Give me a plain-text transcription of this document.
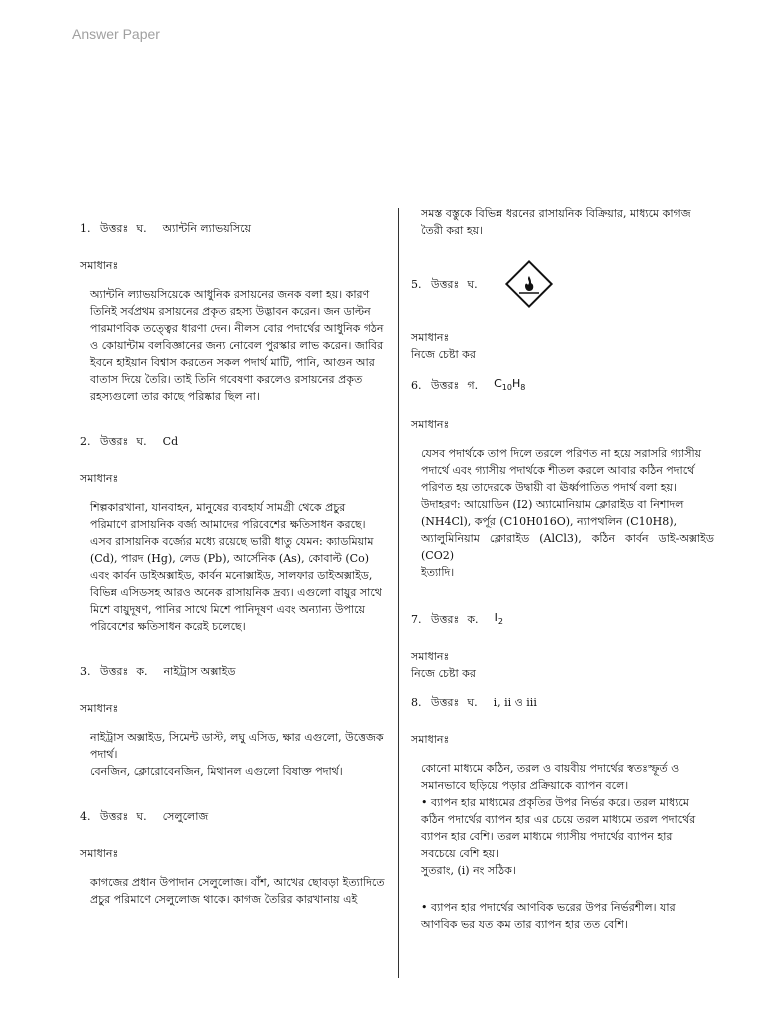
Answer Paper
1. উত্তরঃ ঘ. অ্যান্টনি ল্যাভয়সিয়ে
সমাধানঃ

অ্যান্টনি ল্যাভয়সিয়েকে আধুনিক রসায়নের জনক বলা হয়। কারণ

তিনিই সর্বপ্রথম রসায়নের প্রকৃত রহস্য উদ্ভাবন করেন। জন ডাল্টন

পারমাণবিক তত্ত্বের ধারণা দেন। নীলস বোর পদার্থের আধুনিক গঠন

ও কোয়ান্টাম বলবিজ্ঞানের জন্য নোবেল পুরস্কার লাভ করেন। জাবির

ইবনে হাইয়ান বিশ্বাস করতেন সকল পদার্থ মাটি, পানি, আগুন আর

বাতাস দিয়ে তৈরি। তাই তিনি গবেষণা করলেও রসায়নের প্রকৃত

রহস্যগুলো তার কাছে পরিষ্কার ছিল না।

2. উত্তরঃ ঘ. Cd
সমাধানঃ

শিল্পকারখানা, যানবাহন, মানুষের ব্যবহার্য সামগ্রী থেকে প্রচুর

পরিমাণে রাসায়নিক বর্জ্য আমাদের পরিবেশের ক্ষতিসাধন করছে।

এসব রাসায়নিক বর্জ্যের মধ্যে রয়েছে ভারী ধাতু যেমন: ক্যাডমিয়াম

(Cd), পারদ (Hg), লেড (Pb), আর্সেনিক (As), কোবাল্ট (Co)

এবং কার্বন ডাইঅক্সাইড, কার্বন মনোক্সাইড, সালফার ডাইঅক্সাইড,

বিভিন্ন এসিডসহ আরও অনেক রাসায়নিক দ্রব্য। এগুলো বায়ুর সাথে

মিশে বায়ুদূষণ, পানির সাথে মিশে পানিদূষণ এবং অন্যান্য উপায়ে

পরিবেশের ক্ষতিসাধন করেই চলেছে।

3. উত্তরঃ ক. নাইট্রাস অক্সাইড
সমাধানঃ

নাইট্রাস অক্সাইড, সিমেন্ট ডাস্ট, লঘু এসিড, ক্ষার এগুলো, উত্তেজক

পদার্থ।

বেনজিন, ক্লোরোবেনজিন, মিথানল এগুলো বিষাক্ত পদার্থ।

4. উত্তরঃ ঘ. সেলুলোজ
সমাধানঃ

কাগজের প্রধান উপাদান সেলুলোজ। বাঁশ, আখের ছোবড়া ইত্যাদিতে

প্রচুর পরিমাণে সেলুলোজ থাকে। কাগজ তৈরির কারখানায় এই

সমস্ত বস্তুকে বিভিন্ন ধরনের রাসায়নিক বিক্রিয়ার, মাধ্যমে কাগজ

তৈরী করা হয়।

5. উত্তরঃ ঘ.
সমাধানঃ
নিজে চেষ্টা কর
6. উত্তরঃ গ. $C_{10}H_8$
সমাধানঃ

যেসব পদার্থকে তাপ দিলে তরলে পরিণত না হয়ে সরাসরি গ্যাসীয়

পদার্থে এবং গ্যাসীয় পদার্থকে শীতল করলে আবার কঠিন পদার্থে

পরিণত হয় তাদেরকে উদ্বায়ী বা ঊর্ধ্বপাতিত পদার্থ বলা হয়।

উদাহরণ: আয়োডিন (I2) অ্যামোনিয়াম ক্লোরাইড বা নিশাদল

(NH4Cl), কর্পূর (C10H016O), ন্যাপথলিন (C10H8),

অ্যালুমিনিয়াম ক্লোরাইড (AlCl3), কঠিন কার্বন ডাই-অক্সাইড (CO2)

ইত্যাদি।

7. উত্তরঃ ক. $I_2$
সমাধানঃ
নিজে চেষ্টা কর
8. উত্তরঃ ঘ. i, ii ও iii
সমাধানঃ

কোনো মাধ্যমে কঠিন, তরল ও বায়বীয় পদার্থের স্বতঃস্ফূর্ত ও

সমানভাবে ছড়িয়ে পড়ার প্রক্রিয়াকে ব্যাপন বলে।

• ব্যাপন হার মাধ্যমের প্রকৃতির উপর নির্ভর করে। তরল মাধ্যমে

কঠিন পদার্থের ব্যাপন হার এর চেয়ে তরল মাধ্যমে তরল পদার্থের

ব্যাপন হার বেশি। তরল মাধ্যমে গ্যাসীয় পদার্থের ব্যাপন হার

সবচেয়ে বেশি হয়।

সুতরাং, (i) নং সঠিক।

• ব্যাপন হার পদার্থের আণবিক ভরের উপর নির্ভরশীল। যার

আণবিক ভর যত কম তার ব্যাপন হার তত বেশি।
